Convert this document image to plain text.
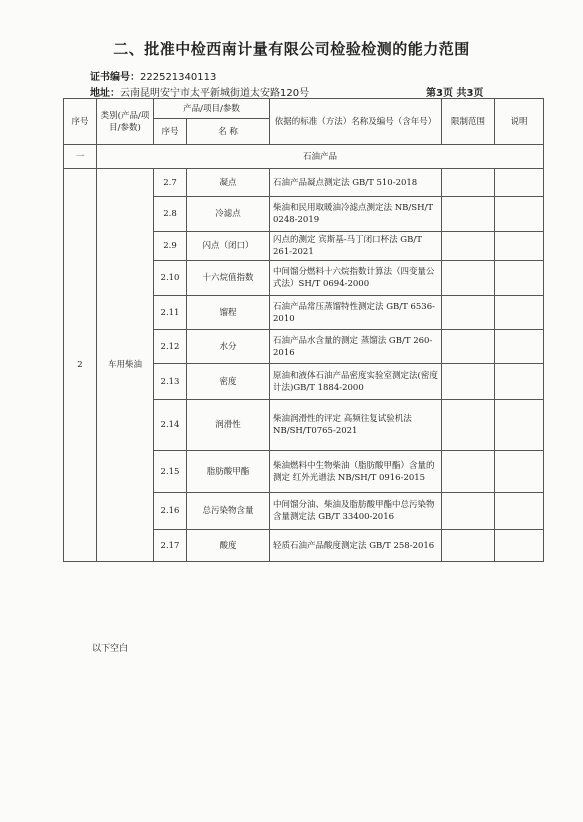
二、批准中检西南计量有限公司检验检测的能力范围
证书编号：222521340113
地址：云南昆明安宁市太平新城街道太安路120号	第3页 共3页
序号	类别(产品/项目/参数)	产品/项目/参数		依据的标准（方法）名称及编号（含年号）	限制范围	说明
		序号	名 称			
一	石油产品					
2	车用柴油	2.7	凝点	石油产品凝点测定法 GB/T 510-2018		
		2.8	冷滤点	柴油和民用取暖油冷滤点测定法 NB/SH/T 0248-2019		
		2.9	闪点（闭口）	闪点的测定 宾斯基-马丁闭口杯法 GB/T 261-2021		
		2.10	十六烷值指数	中间馏分燃料十六烷指数计算法（四变量公式法）SH/T 0694-2000		
		2.11	馏程	石油产品常压蒸馏特性测定法 GB/T 6536-2010		
		2.12	水分	石油产品水含量的测定 蒸馏法 GB/T 260-2016		
		2.13	密度	原油和液体石油产品密度实验室测定法(密度计法)GB/T 1884-2000		
		2.14	润滑性	柴油润滑性的评定 高频往复试验机法 NB/SH/T0765-2021		
		2.15	脂肪酸甲酯	柴油燃料中生物柴油（脂肪酸甲酯）含量的测定 红外光谱法 NB/SH/T 0916-2015		
		2.16	总污染物含量	中间馏分油、柴油及脂肪酸甲酯中总污染物含量测定法 GB/T 33400-2016		
		2.17	酸度	轻质石油产品酸度测定法 GB/T 258-2016		
以下空白
